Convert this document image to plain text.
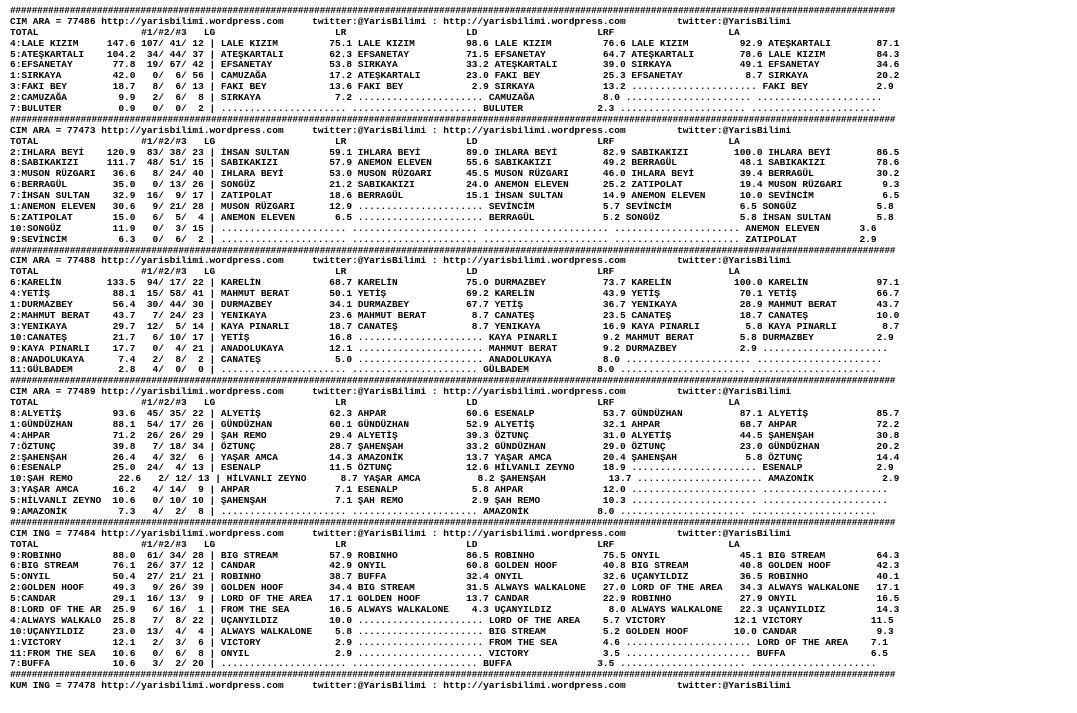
###################################################################################################################################################################
CIM ARA = 77486 http://yarisbilimi.wordpress.com     twitter:@YarisBilimi : http://yarisbilimi.wordpress.com         twitter:@YarisBilimi
TOTAL                  #1/#2/#3   LG                     LR                     LD                     LRF                    LA
4:LALE KIZIM     147.6 107/ 41/ 12 | LALE KIZIM         75.1 LALE KIZIM         98.6 LALE KIZIM         76.6 LALE KIZIM         92.9 ATEŞKARTALI        87.1
5:ATEŞKARTALI    104.2  34/ 44/ 37 | ATEŞKARTALI        62.3 EFSANETAY          71.5 EFSANETAY          64.7 ATEŞKARTALI        78.6 LALE KIZIM         84.3
6:EFSANETAY       77.8  19/ 67/ 42 | EFSANETAY          53.8 SIRKAYA            33.2 ATEŞKARTALI        39.0 SIRKAYA            49.1 EFSANETAY          34.6
1:SIRKAYA         42.0   0/  6/ 56 | CAMUZAĞA           17.2 ATEŞKARTALI        23.0 FAKI BEY           25.3 EFSANETAY           8.7 SIRKAYA            20.2
3:FAKI BEY        18.7   8/  6/ 13 | FAKI BEY           13.6 FAKI BEY            2.9 SIRKAYA            13.2 ...................... FAKI BEY            2.9
2:CAMUZAĞA         9.9   2/  6/  8 | SIRKAYA             7.2 ...................... CAMUZAĞA            8.0 ...................... ......................
7:BULUTER          0.9   0/  0/  2 | ...................... ...................... BULUTER             2.3 ...................... ......................
###################################################################################################################################################################
CIM ARA = 77473 http://yarisbilimi.wordpress.com     twitter:@YarisBilimi : http://yarisbilimi.wordpress.com         twitter:@YarisBilimi
TOTAL                  #1/#2/#3   LG                     LR                     LD                     LRF                    LA
2:IHLARA BEYİ    120.9  83/ 38/ 23 | İHSAN SULTAN       59.1 IHLARA BEYİ        89.0 IHLARA BEYİ        82.9 SABIKAKIZI        100.0 IHLARA BEYİ        86.5
8:SABIKAKIZI     111.7  48/ 51/ 15 | SABIKAKIZI         57.9 ANEMON ELEVEN      55.6 SABIKAKIZI         49.2 BERRAGÜL           48.1 SABIKAKIZI         78.6
3:MUSON RÜZGARI   36.6   8/ 24/ 40 | IHLARA BEYİ        53.0 MUSON RÜZGARI      45.5 MUSON RÜZGARI      46.0 IHLARA BEYİ        39.4 BERRAGÜL           30.2
6:BERRAGÜL        35.0   0/ 13/ 26 | SONGÜZ             21.2 SABIKAKIZI         24.0 ANEMON ELEVEN      25.2 ZATIPOLAT          19.4 MUSON RÜZGARI       9.3
7:İHSAN SULTAN    32.9  16/  9/ 17 | ZATIPOLAT          18.6 BERRAGÜL           15.1 İHSAN SULTAN       14.9 ANEMON ELEVEN      10.0 SEVİNCİM            6.5
1:ANEMON ELEVEN   30.6   9/ 21/ 28 | MUSON RÜZGARI      12.9 ...................... SEVİNCİM            5.7 SEVİNCİM            6.5 SONGÜZ              5.8
5:ZATIPOLAT       15.0   6/  5/  4 | ANEMON ELEVEN       6.5 ...................... BERRAGÜL            5.2 SONGÜZ              5.8 İHSAN SULTAN        5.8
10:SONGÜZ         11.9   0/  3/ 15 | ...................... ...................... ...................... ...................... ANEMON ELEVEN       3.6
9:SEVİNCİM         6.3   0/  6/  2 | ...................... ...................... ...................... ...................... ZATIPOLAT           2.9
###################################################################################################################################################################
CIM ARA = 77488 http://yarisbilimi.wordpress.com     twitter:@YarisBilimi : http://yarisbilimi.wordpress.com         twitter:@YarisBilimi
TOTAL                  #1/#2/#3   LG                     LR                     LD                     LRF                    LA
6:KARELİN        133.5  94/ 17/ 22 | KARELİN            68.7 KARELİN            75.0 DURMAZBEY          73.7 KARELİN           100.0 KARELİN            97.1
4:YETİŞ           88.1  15/ 58/ 41 | MAHMUT BERAT       50.1 YETİŞ              69.2 KARELİN            43.9 YETİŞ              70.1 YETİŞ              66.7
1:DURMAZBEY       56.4  30/ 44/ 30 | DURMAZBEY          34.1 DURMAZBEY          67.7 YETİŞ              36.7 YENIKAYA           28.9 MAHMUT BERAT       43.7
2:MAHMUT BERAT    43.7   7/ 24/ 23 | YENIKAYA           23.6 MAHMUT BERAT        8.7 CANATEŞ            23.5 CANATEŞ            18.7 CANATEŞ            10.0
3:YENIKAYA        29.7  12/  5/ 14 | KAYA PINARLI       18.7 CANATEŞ             8.7 YENIKAYA           16.9 KAYA PINARLI        5.8 KAYA PINARLI        8.7
10:CANATEŞ        21.7   6/ 10/ 17 | YETİŞ              16.8 ...................... KAYA PINARLI        9.2 MAHMUT BERAT        5.8 DURMAZBEY           2.9
9:KAYA PINARLI    17.7   0/  4/ 21 | ANADOLUKAYA        12.1 ...................... MAHMUT BERAT        9.2 DURMAZBEY           2.9 ......................
8:ANADOLUKAYA      7.4   2/  8/  2 | CANATEŞ             5.0 ...................... ANADOLUKAYA         8.0 ...................... ......................
11:GÜLBADEM        2.8   4/  0/  0 | ...................... ...................... GÜLBADEM            8.0 ...................... ......................
###################################################################################################################################################################
CIM ARA = 77489 http://yarisbilimi.wordpress.com     twitter:@YarisBilimi : http://yarisbilimi.wordpress.com         twitter:@YarisBilimi
TOTAL                  #1/#2/#3   LG                     LR                     LD                     LRF                    LA
8:ALYETİŞ         93.6  45/ 35/ 22 | ALYETİŞ            62.3 AHPAR              60.6 ESENALP            53.7 GÜNDÜZHAN          87.1 ALYETİŞ            85.7
1:GÜNDÜZHAN       88.1  54/ 17/ 26 | GÜNDÜZHAN          60.1 GÜNDÜZHAN          52.9 ALYETİŞ            32.1 AHPAR              68.7 AHPAR              72.2
4:AHPAR           71.2  26/ 26/ 29 | ŞAH REMO           29.4 ALYETİŞ            39.3 ÖZTUNÇ             31.0 ALYETİŞ            44.5 ŞAHENŞAH           30.8
7:ÖZTUNÇ          39.8   7/ 18/ 34 | ÖZTUNÇ             28.7 ŞAHENŞAH           33.2 GÜNDÜZHAN          29.0 ÖZTUNÇ             23.0 GÜNDÜZHAN          20.2
2:ŞAHENŞAH        26.4   4/ 32/  6 | YAŞAR AMCA         14.3 AMAZONİK           13.7 YAŞAR AMCA         20.4 ŞAHENŞAH            5.8 ÖZTUNÇ             14.4
6:ESENALP         25.0  24/  4/ 13 | ESENALP            11.5 ÖZTUNÇ             12.6 HİLVANLI ZEYNO     18.9 ...................... ESENALP             2.9
10:ŞAH REMO        22.6   2/ 12/ 13 | HİLVANLI ZEYNO      8.7 YAŞAR AMCA          8.2 ŞAHENŞAH           13.7 ...................... AMAZONİK            2.9
3:YAŞAR AMCA      16.2   4/ 14/  9 | AHPAR               7.1 ESENALP             5.8 AHPAR              12.0 ...................... ......................
5:HİLVANLI ZEYNO  10.6   0/ 10/ 10 | ŞAHENŞAH            7.1 ŞAH REMO            2.9 ŞAH REMO           10.3 ...................... ......................
9:AMAZONİK         7.3   4/  2/  8 | ...................... ...................... AMAZONİK            8.0 ...................... ......................
###################################################################################################################################################################
CIM ING = 77484 http://yarisbilimi.wordpress.com     twitter:@YarisBilimi : http://yarisbilimi.wordpress.com         twitter:@YarisBilimi
TOTAL                  #1/#2/#3   LG                     LR                     LD                     LRF                    LA
9:ROBINHO         88.0  61/ 34/ 28 | BIG STREAM         57.9 ROBINHO            86.5 ROBINHO            75.5 ONYIL              45.1 BIG STREAM         64.3
6:BIG STREAM      76.1  26/ 37/ 12 | CANDAR             42.9 ONYIL              60.8 GOLDEN HOOF        40.8 BIG STREAM         40.8 GOLDEN HOOF        42.3
5:ONYIL           50.4  27/ 21/ 21 | ROBINHO            38.7 BUFFA              32.4 ONYIL              32.6 UÇANYILDIZ         36.5 ROBINHO            40.1
2:GOLDEN HOOF     49.3   9/ 26/ 39 | GOLDEN HOOF        34.4 BIG STREAM         31.5 ALWAYS WALKALONE   27.0 LORD OF THE AREA   34.3 ALWAYS WALKALONE   17.1
5:CANDAR          29.1  16/ 13/  9 | LORD OF THE AREA   17.1 GOLDEN HOOF        13.7 CANDAR             22.9 ROBINHO            27.9 ONYIL              16.5
8:LORD OF THE AR  25.9   6/ 16/  1 | FROM THE SEA       16.5 ALWAYS WALKALONE    4.3 UÇANYILDIZ          8.0 ALWAYS WALKALONE   22.3 UÇANYILDIZ         14.3
4:ALWAYS WALKALO  25.8   7/  8/ 22 | UÇANYILDIZ         10.0 ...................... LORD OF THE AREA    5.7 VICTORY            12.1 VICTORY            11.5
10:UÇANYILDIZ     23.0  13/  4/  4 | ALWAYS WALKALONE    5.8 ...................... BIG STREAM          5.2 GOLDEN HOOF        10.0 CANDAR              9.3
1:VICTORY         12.1   2/  3/  6 | VICTORY             2.9 ...................... FROM THE SEA        4.6 ...................... LORD OF THE AREA    7.1
11:FROM THE SEA   10.6   0/  6/  8 | ONYIL               2.9 ...................... VICTORY             3.5 ...................... BUFFA               6.5
7:BUFFA           10.6   3/  2/ 20 | ...................... ...................... BUFFA               3.5 ...................... ......................
###################################################################################################################################################################
KUM ING = 77478 http://yarisbilimi.wordpress.com     twitter:@YarisBilimi : http://yarisbilimi.wordpress.com         twitter:@YarisBilimi
